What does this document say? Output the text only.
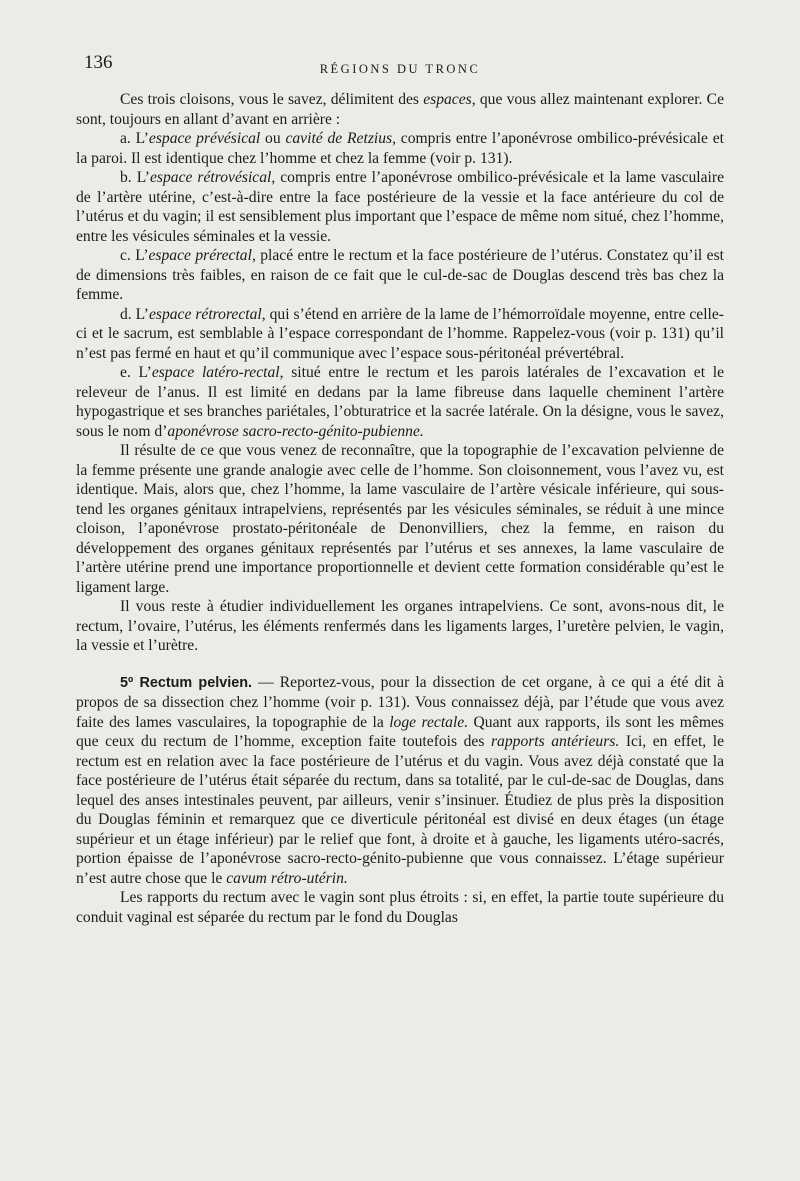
136	RÉGIONS DU TRONC

Ces trois cloisons, vous le savez, délimitent des espaces, que vous allez maintenant explorer. Ce sont, toujours en allant d’avant en arrière :

a. L’espace prévésical ou cavité de Retzius, compris entre l’aponévrose ombilico-prévésicale et la paroi. Il est identique chez l’homme et chez la femme (voir p. 131).

b. L’espace rétrovésical, compris entre l’aponévrose ombilico-prévésicale et la lame vasculaire de l’artère utérine, c’est-à-dire entre la face postérieure de la vessie et la face antérieure du col de l’utérus et du vagin; il est sensiblement plus important que l’espace de même nom situé, chez l’homme, entre les vésicules séminales et la vessie.

c. L’espace prérectal, placé entre le rectum et la face postérieure de l’utérus. Constatez qu’il est de dimensions très faibles, en raison de ce fait que le cul-de-sac de Douglas descend très bas chez la femme.

d. L’espace rétrorectal, qui s’étend en arrière de la lame de l’hémorroïdale moyenne, entre celle-ci et le sacrum, est semblable à l’espace correspondant de l’homme. Rappelez-vous (voir p. 131) qu’il n’est pas fermé en haut et qu’il communique avec l’espace sous-péritonéal prévertébral.

e. L’espace latéro-rectal, situé entre le rectum et les parois latérales de l’excavation et le releveur de l’anus. Il est limité en dedans par la lame fibreuse dans laquelle cheminent l’artère hypogastrique et ses branches pariétales, l’obturatrice et la sacrée latérale. On la désigne, vous le savez, sous le nom d’aponévrose sacro-recto-génito-pubienne.

Il résulte de ce que vous venez de reconnaître, que la topographie de l’excavation pelvienne de la femme présente une grande analogie avec celle de l’homme. Son cloisonnement, vous l’avez vu, est identique. Mais, alors que, chez l’homme, la lame vasculaire de l’artère vésicale inférieure, qui sous-tend les organes génitaux intrapelviens, représentés par les vésicules séminales, se réduit à une mince cloison, l’aponévrose prostato-péritonéale de Denonvilliers, chez la femme, en raison du développement des organes génitaux représentés par l’utérus et ses annexes, la lame vasculaire de l’artère utérine prend une importance proportionnelle et devient cette formation considérable qu’est le ligament large.

Il vous reste à étudier individuellement les organes intrapelviens. Ce sont, avons-nous dit, le rectum, l’ovaire, l’utérus, les éléments renfermés dans les ligaments larges, l’uretère pelvien, le vagin, la vessie et l’urètre.

5º Rectum pelvien. — Reportez-vous, pour la dissection de cet organe, à ce qui a été dit à propos de sa dissection chez l’homme (voir p. 131). Vous connaissez déjà, par l’étude que vous avez faite des lames vasculaires, la topographie de la loge rectale. Quant aux rapports, ils sont les mêmes que ceux du rectum de l’homme, exception faite toutefois des rapports antérieurs. Ici, en effet, le rectum est en relation avec la face postérieure de l’utérus et du vagin. Vous avez déjà constaté que la face postérieure de l’utérus était séparée du rectum, dans sa totalité, par le cul-de-sac de Douglas, dans lequel des anses intestinales peuvent, par ailleurs, venir s’insinuer. Étudiez de plus près la disposition du Douglas féminin et remarquez que ce diverticule péritonéal est divisé en deux étages (un étage supérieur et un étage inférieur) par le relief que font, à droite et à gauche, les ligaments utéro-sacrés, portion épaisse de l’aponévrose sacro-recto-génito-pubienne que vous connaissez. L’étage supérieur n’est autre chose que le cavum rétro-utérin.

Les rapports du rectum avec le vagin sont plus étroits : si, en effet, la partie toute supérieure du conduit vaginal est séparée du rectum par le fond du Douglas
